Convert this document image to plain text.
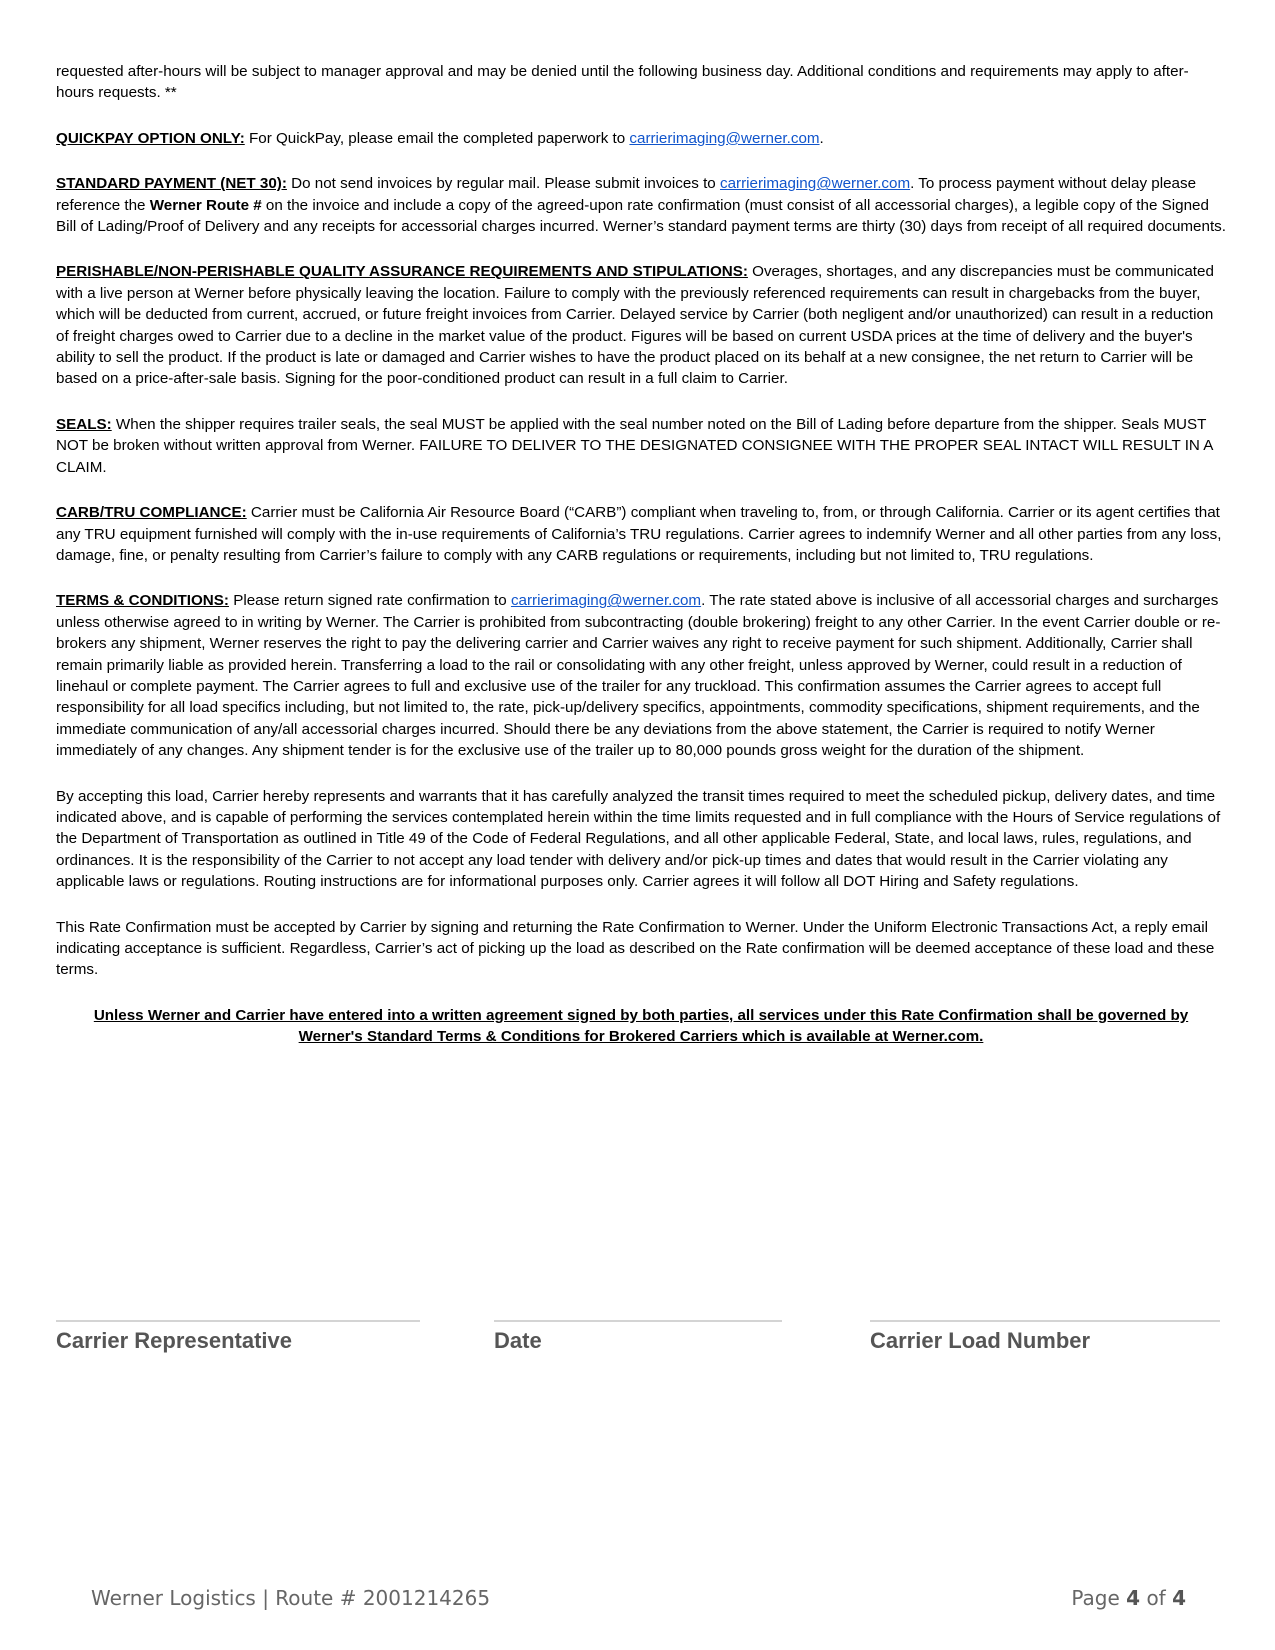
requested after-hours will be subject to manager approval and may be denied until the following business day. Additional conditions and requirements may apply to after-hours requests. **

QUICKPAY OPTION ONLY: For QuickPay, please email the completed paperwork to carrierimaging@werner.com.

STANDARD PAYMENT (NET 30): Do not send invoices by regular mail. Please submit invoices to carrierimaging@werner.com. To process payment without delay please reference the Werner Route # on the invoice and include a copy of the agreed-upon rate confirmation (must consist of all accessorial charges), a legible copy of the Signed Bill of Lading/Proof of Delivery and any receipts for accessorial charges incurred. Werner’s standard payment terms are thirty (30) days from receipt of all required documents.

PERISHABLE/NON-PERISHABLE QUALITY ASSURANCE REQUIREMENTS AND STIPULATIONS: Overages, shortages, and any discrepancies must be communicated with a live person at Werner before physically leaving the location. Failure to comply with the previously referenced requirements can result in chargebacks from the buyer, which will be deducted from current, accrued, or future freight invoices from Carrier. Delayed service by Carrier (both negligent and/or unauthorized) can result in a reduction of freight charges owed to Carrier due to a decline in the market value of the product. Figures will be based on current USDA prices at the time of delivery and the buyer's ability to sell the product. If the product is late or damaged and Carrier wishes to have the product placed on its behalf at a new consignee, the net return to Carrier will be based on a price-after-sale basis. Signing for the poor-conditioned product can result in a full claim to Carrier.

SEALS: When the shipper requires trailer seals, the seal MUST be applied with the seal number noted on the Bill of Lading before departure from the shipper. Seals MUST NOT be broken without written approval from Werner. FAILURE TO DELIVER TO THE DESIGNATED CONSIGNEE WITH THE PROPER SEAL INTACT WILL RESULT IN A CLAIM.

CARB/TRU COMPLIANCE: Carrier must be California Air Resource Board (“CARB”) compliant when traveling to, from, or through California. Carrier or its agent certifies that any TRU equipment furnished will comply with the in-use requirements of California’s TRU regulations. Carrier agrees to indemnify Werner and all other parties from any loss, damage, fine, or penalty resulting from Carrier’s failure to comply with any CARB regulations or requirements, including but not limited to, TRU regulations.

TERMS & CONDITIONS: Please return signed rate confirmation to carrierimaging@werner.com. The rate stated above is inclusive of all accessorial charges and surcharges unless otherwise agreed to in writing by Werner. The Carrier is prohibited from subcontracting (double brokering) freight to any other Carrier. In the event Carrier double or re-brokers any shipment, Werner reserves the right to pay the delivering carrier and Carrier waives any right to receive payment for such shipment. Additionally, Carrier shall remain primarily liable as provided herein. Transferring a load to the rail or consolidating with any other freight, unless approved by Werner, could result in a reduction of linehaul or complete payment. The Carrier agrees to full and exclusive use of the trailer for any truckload. This confirmation assumes the Carrier agrees to accept full responsibility for all load specifics including, but not limited to, the rate, pick-up/delivery specifics, appointments, commodity specifications, shipment requirements, and the immediate communication of any/all accessorial charges incurred. Should there be any deviations from the above statement, the Carrier is required to notify Werner immediately of any changes. Any shipment tender is for the exclusive use of the trailer up to 80,000 pounds gross weight for the duration of the shipment.

By accepting this load, Carrier hereby represents and warrants that it has carefully analyzed the transit times required to meet the scheduled pickup, delivery dates, and time indicated above, and is capable of performing the services contemplated herein within the time limits requested and in full compliance with the Hours of Service regulations of the Department of Transportation as outlined in Title 49 of the Code of Federal Regulations, and all other applicable Federal, State, and local laws, rules, regulations, and ordinances. It is the responsibility of the Carrier to not accept any load tender with delivery and/or pick-up times and dates that would result in the Carrier violating any applicable laws or regulations. Routing instructions are for informational purposes only. Carrier agrees it will follow all DOT Hiring and Safety regulations.

This Rate Confirmation must be accepted by Carrier by signing and returning the Rate Confirmation to Werner. Under the Uniform Electronic Transactions Act, a reply email indicating acceptance is sufficient. Regardless, Carrier’s act of picking up the load as described on the Rate confirmation will be deemed acceptance of these load and these terms.

Unless Werner and Carrier have entered into a written agreement signed by both parties, all services under this Rate Confirmation shall be governed by Werner's Standard Terms & Conditions for Brokered Carriers which is available at Werner.com.

Carrier Representative	Date	Carrier Load Number
Werner Logistics | Route # 2001214265	Page 4 of 4
